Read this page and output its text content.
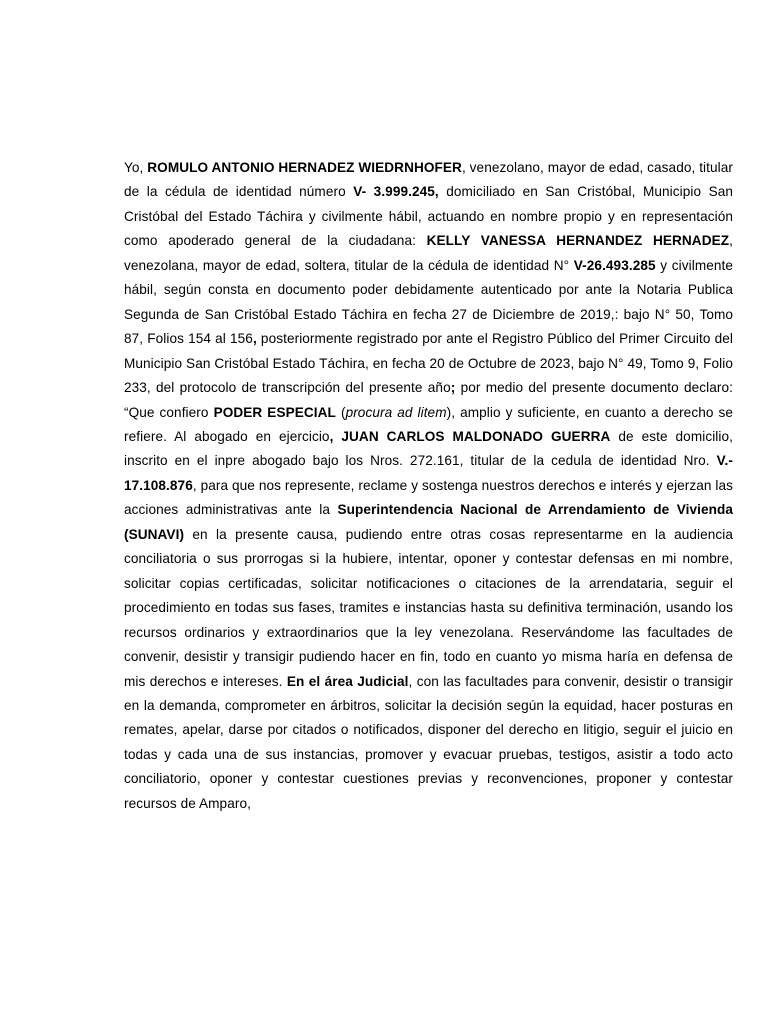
Yo, ROMULO ANTONIO HERNADEZ WIEDRNHOFER, venezolano, mayor de edad, casado, titular de la cédula de identidad número V- 3.999.245, domiciliado en San Cristóbal, Municipio San Cristóbal del Estado Táchira y civilmente hábil, actuando en nombre propio y en representación como apoderado general de la ciudadana: KELLY VANESSA HERNANDEZ HERNADEZ, venezolana, mayor de edad, soltera, titular de la cédula de identidad N° V-26.493.285 y civilmente hábil, según consta en documento poder debidamente autenticado por ante la Notaria Publica Segunda de San Cristóbal Estado Táchira en fecha 27 de Diciembre de 2019,: bajo N° 50, Tomo 87, Folios 154 al 156, posteriormente registrado por ante el Registro Público del Primer Circuito del Municipio San Cristóbal Estado Táchira, en fecha 20 de Octubre de 2023, bajo N° 49, Tomo 9, Folio 233, del protocolo de transcripción del presente año; por medio del presente documento declaro: “Que confiero PODER ESPECIAL (procura ad litem), amplio y suficiente, en cuanto a derecho se refiere. Al abogado en ejercicio, JUAN CARLOS MALDONADO GUERRA de este domicilio, inscrito en el inpre abogado bajo los Nros. 272.161, titular de la cedula de identidad Nro. V.- 17.108.876, para que nos represente, reclame y sostenga nuestros derechos e interés y ejerzan las acciones administrativas ante la Superintendencia Nacional de Arrendamiento de Vivienda (SUNAVI) en la presente causa, pudiendo entre otras cosas representarme en la audiencia conciliatoria o sus prorrogas si la hubiere, intentar, oponer y contestar defensas en mi nombre, solicitar copias certificadas, solicitar notificaciones o citaciones de la arrendataria, seguir el procedimiento en todas sus fases, tramites e instancias hasta su definitiva terminación, usando los recursos ordinarios y extraordinarios que la ley venezolana. Reservándome las facultades de convenir, desistir y transigir pudiendo hacer en fin, todo en cuanto yo misma haría en defensa de mis derechos e intereses. En el área Judicial, con las facultades para convenir, desistir o transigir en la demanda, comprometer en árbitros, solicitar la decisión según la equidad, hacer posturas en remates, apelar, darse por citados o notificados, disponer del derecho en litigio, seguir el juicio en todas y cada una de sus instancias, promover y evacuar pruebas, testigos, asistir a todo acto conciliatorio, oponer y contestar cuestiones previas y reconvenciones, proponer y contestar recursos de Amparo,
